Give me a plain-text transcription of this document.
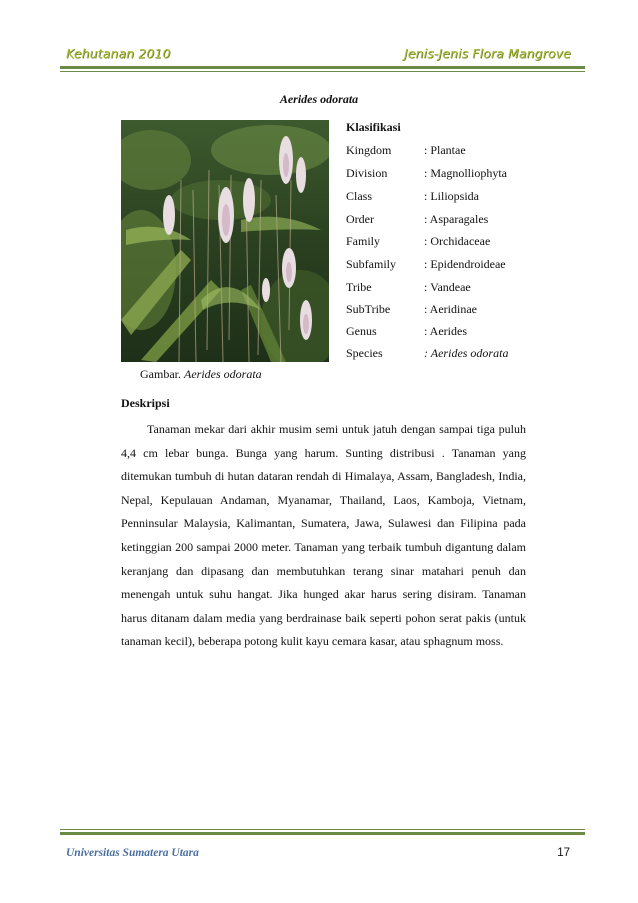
Kehutanan 2010	Jenis-Jenis Flora Mangrove
Aerides odorata
Gambar. Aerides odorata
Klasifikasi
Kingdom	: Plantae
Division	: Magnolliophyta
Class	: Liliopsida
Order	: Asparagales
Family	: Orchidaceae
Subfamily : Epidendroideae
Tribe	: Vandeae
SubTribe	: Aeridinae
Genus	: Aerides
Species	: Aerides odorata
Deskripsi

Tanaman mekar dari akhir musim semi untuk jatuh dengan sampai tiga puluh 4,4 cm lebar bunga. Bunga yang harum. Sunting distribusi . Tanaman yang ditemukan tumbuh di hutan dataran rendah di Himalaya, Assam, Bangladesh, India, Nepal, Kepulauan Andaman, Myanamar, Thailand, Laos, Kamboja, Vietnam, Penninsular Malaysia, Kalimantan, Sumatera, Jawa, Sulawesi dan Filipina pada ketinggian 200 sampai 2000 meter. Tanaman yang terbaik tumbuh digantung dalam keranjang dan dipasang dan membutuhkan terang sinar matahari penuh dan menengah untuk suhu hangat. Jika hunged akar harus sering disiram. Tanaman harus ditanam dalam media yang berdrainase baik seperti pohon serat pakis (untuk tanaman kecil), beberapa potong kulit kayu cemara kasar, atau sphagnum moss.

Universitas Sumatera Utara	17
